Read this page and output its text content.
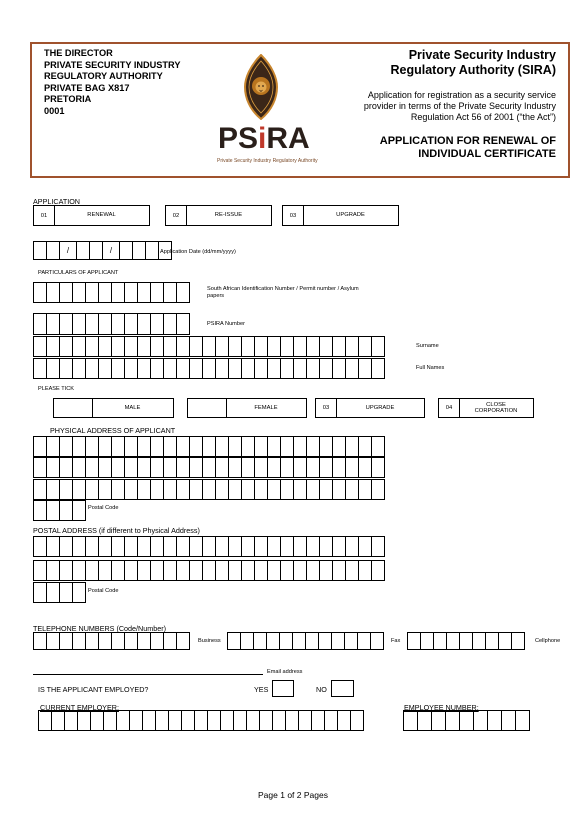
THE DIRECTOR
PRIVATE SECURITY INDUSTRY
REGULATORY AUTHORITY
PRIVATE BAG X817
PRETORIA
0001
PSiRA
Private Security Industry Regulatory Authority
Private Security Industry
Regulatory Authority (SIRA)
Application for registration as a security service
provider in terms of the Private Security Industry
Regulation Act 56 of 2001 (“the Act”)
APPLICATION FOR RENEWAL OF
INDIVIDUAL CERTIFICATE
APPLICATION
01	RENEWAL	02	RE-ISSUE	03	UPGRADE
/	/	Application Date (dd/mm/yyyy)
PARTICULARS OF APPLICANT
South African Identification Number / Permit number / Asylum
papers
PSIRA Number
Surname
Full Names
PLEASE TICK
MALE	FEMALE	03	UPGRADE	04
CLOSE
CORPORATION
PHYSICAL ADDRESS OF APPLICANT
Postal Code
POSTAL ADDRESS (if different to Physical Address)
Postal Code
TELEPHONE NUMBERS (Code/Number)
Business	Fax	Cellphone
Email address
IS THE APPLICANT EMPLOYED?	YES	NO
CURRENT EMPLOYER:	EMPLOYEE NUMBER:
Page 1 of 2 Pages
